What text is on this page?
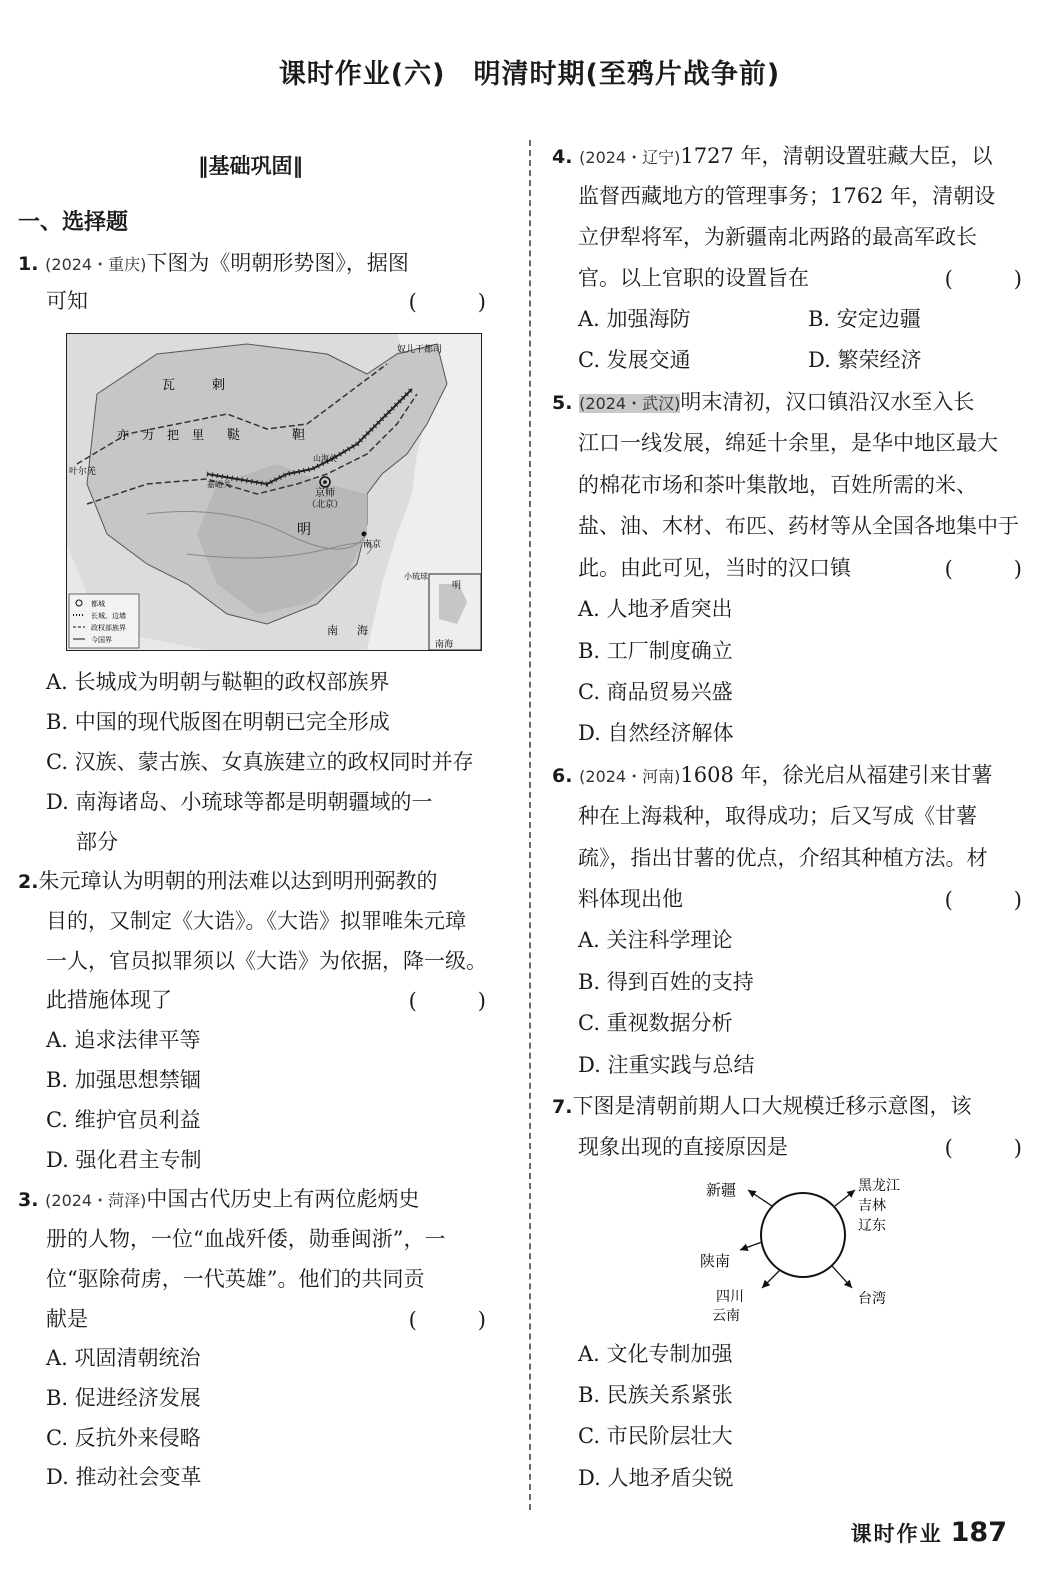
课时作业(六)　明清时期(至鸦片战争前)
‖基础巩固‖
一、选择题
1. (2024・重庆)下图为《明朝形势图》，据图
可知	(　)
瓦	剌
亦 力 把 里 鞑	靼
叶尔羌
嘉峪关
山海关
京师
（北京）
明
南京
奴儿干都司
南 海
小琉球
南海
明
都城
长城、边墙
政权部族界
今国界
A. 长城成为明朝与鞑靼的政权部族界
B. 中国的现代版图在明朝已完全形成
C. 汉族、蒙古族、女真族建立的政权同时并存
D. 南海诸岛、小琉球等都是明朝疆域的一
部分
2.朱元璋认为明朝的刑法难以达到明刑弼教的
目的，又制定《大诰》。《大诰》拟罪唯朱元璋
一人，官员拟罪须以《大诰》为依据，降一级。
此措施体现了	(　)
A. 追求法律平等
B. 加强思想禁锢
C. 维护官员利益
D. 强化君主专制
3. (2024・菏泽)中国古代历史上有两位彪炳史
册的人物，一位“血战歼倭，勋垂闽浙”，一
位“驱除荷虏，一代英雄”。他们的共同贡
献是	(　)
A. 巩固清朝统治
B. 促进经济发展
C. 反抗外来侵略
D. 推动社会变革
4. (2024・辽宁)1727 年，清朝设置驻藏大臣，以
监督西藏地方的管理事务；1762 年，清朝设
立伊犁将军，为新疆南北两路的最高军政长
官。以上官职的设置旨在	(　)
A. 加强海防	B. 安定边疆
C. 发展交通	D. 繁荣经济
5. (2024・武汉)明末清初，汉口镇沿汉水至入长
江口一线发展，绵延十余里，是华中地区最大
的棉花市场和茶叶集散地，百姓所需的米、
盐、油、木材、布匹、药材等从全国各地集中于
此。由此可见，当时的汉口镇	(　)
A. 人地矛盾突出
B. 工厂制度确立
C. 商品贸易兴盛
D. 自然经济解体
6. (2024・河南)1608 年，徐光启从福建引来甘薯
种在上海栽种，取得成功；后又写成《甘薯
疏》，指出甘薯的优点，介绍其种植方法。材
料体现出他	(　)
A. 关注科学理论
B. 得到百姓的支持
C. 重视数据分析
D. 注重实践与总结
7.下图是清朝前期人口大规模迁移示意图，该
现象出现的直接原因是	(　)
A. 文化专制加强
B. 民族关系紧张
C. 市民阶层壮大
D. 人地矛盾尖锐
新疆	黑龙江
吉林
辽东
陕南
四川
云南
台湾
课时作业 187
